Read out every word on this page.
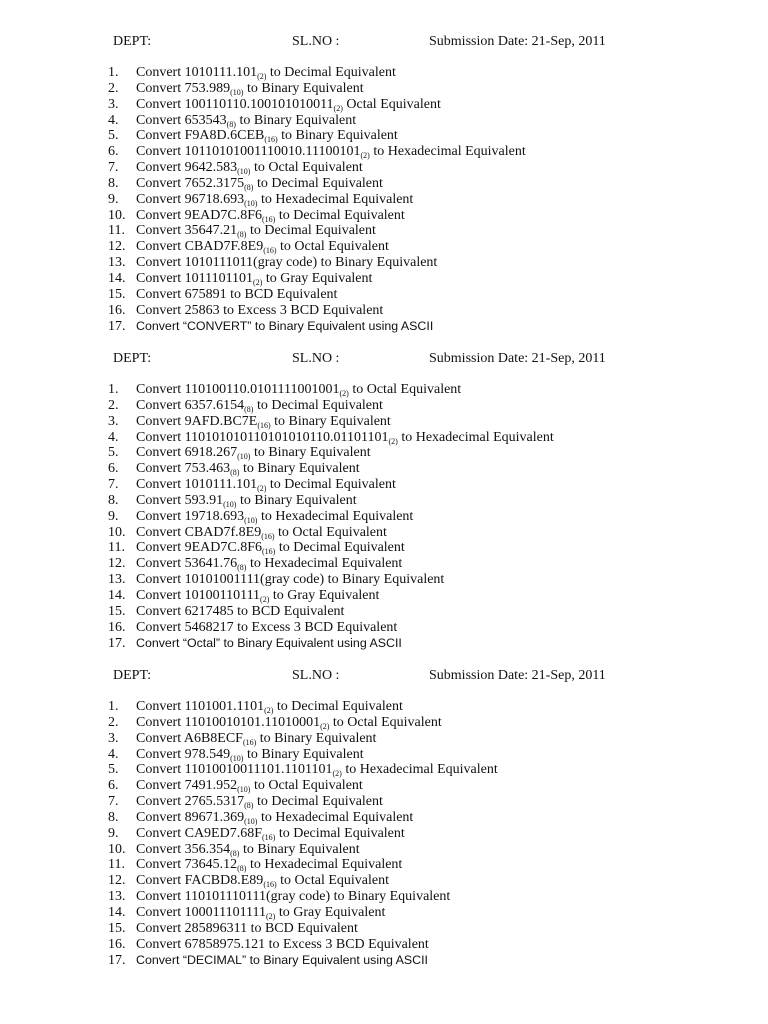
DEPT:	SL.NO :	Submission Date: 21-Sep, 2011
1.	Convert $1010111.101_{(2)}$ to Decimal Equivalent
2.	Convert $753.989_{(10)}$ to Binary Equivalent
3.	Convert $100110110.100101010011_{(2)}$ Octal Equivalent
4.	Convert $653543_{(8)}$ to Binary Equivalent
5.	Convert $F9A8D.6CEB_{(16)}$ to Binary Equivalent
6.	Convert $10110101001110010.11100101_{(2)}$ to Hexadecimal Equivalent
7.	Convert $9642.583_{(10)}$ to Octal Equivalent
8.	Convert $7652.3175_{(8)}$ to Decimal Equivalent
9.	Convert $96718.693_{(10)}$ to Hexadecimal Equivalent
10. Convert $9EAD7C.8F6_{(16)}$ to Decimal Equivalent
11. Convert $35647.21_{(8)}$ to Decimal Equivalent
12. Convert $CBAD7F.8E9_{(16)}$ to Octal Equivalent
13. Convert 1010111011(gray code) to Binary Equivalent
14. Convert $1011101101_{(2)}$ to Gray Equivalent
15. Convert 675891 to BCD Equivalent
16. Convert 25863 to Excess 3 BCD Equivalent
17. Convert “CONVERT” to Binary Equivalent using ASCII
DEPT:	SL.NO :	Submission Date: 21-Sep, 2011
1.	Convert $110100110.0101111001001_{(2)}$ to Octal Equivalent
2.	Convert $6357.6154_{(8)}$ to Decimal Equivalent
3.	Convert $9AFD.BC7E_{(16)}$ to Binary Equivalent
4.	Convert $110101010110101010110.01101101_{(2)}$ to Hexadecimal Equivalent
5.	Convert $6918.267_{(10)}$ to Binary Equivalent
6.	Convert $753.463_{(8)}$ to Binary Equivalent
7.	Convert $1010111.101_{(2)}$ to Decimal Equivalent
8.	Convert $593.91_{(10)}$ to Binary Equivalent
9.	Convert $19718.693_{(10)}$ to Hexadecimal Equivalent
10. Convert $CBAD7f.8E9_{(16)}$ to Octal Equivalent
11. Convert $9EAD7C.8F6_{(16)}$ to Decimal Equivalent
12. Convert $53641.76_{(8)}$ to Hexadecimal Equivalent
13. Convert 10101001111(gray code) to Binary Equivalent
14. Convert $10100110111_{(2)}$ to Gray Equivalent
15. Convert 6217485 to BCD Equivalent
16. Convert 5468217 to Excess 3 BCD Equivalent
17. Convert “Octal” to Binary Equivalent using ASCII
DEPT:	SL.NO :	Submission Date: 21-Sep, 2011
1.	Convert $1101001.1101_{(2)}$ to Decimal Equivalent
2.	Convert $11010010101.11010001_{(2)}$ to Octal Equivalent
3.	Convert $A6B8ECF_{(16)}$ to Binary Equivalent
4.	Convert $978.549_{(10)}$ to Binary Equivalent
5.	Convert $11010010011101.1101101_{(2)}$ to Hexadecimal Equivalent
6.	Convert $7491.952_{(10)}$ to Octal Equivalent
7.	Convert $2765.5317_{(8)}$ to Decimal Equivalent
8.	Convert $89671.369_{(10)}$ to Hexadecimal Equivalent
9.	Convert $CA9ED7.68F_{(16)}$ to Decimal Equivalent
10. Convert $356.354_{(8)}$ to Binary Equivalent
11. Convert $73645.12_{(8)}$ to Hexadecimal Equivalent
12. Convert $FACBD8.E89_{(16)}$ to Octal Equivalent
13. Convert 110101110111(gray code) to Binary Equivalent
14. Convert $100011101111_{(2)}$ to Gray Equivalent
15. Convert 285896311 to BCD Equivalent
16. Convert 67858975.121 to Excess 3 BCD Equivalent
17. Convert “DECIMAL” to Binary Equivalent using ASCII
